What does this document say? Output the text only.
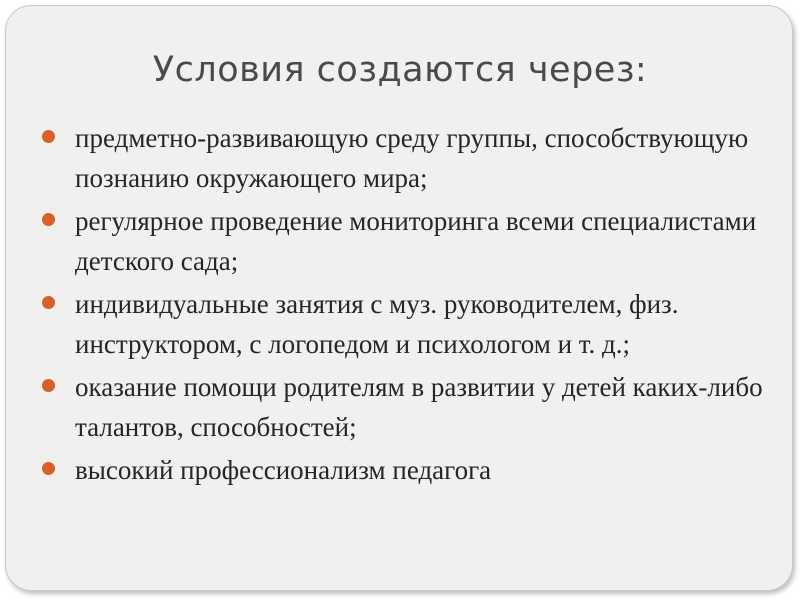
Условия создаются через:
предметно-развивающую среду группы, способствующую познанию окружающего мира;
регулярное проведение мониторинга всеми специалистами детского сада;
индивидуальные занятия с муз. руководителем, физ. инструктором, с логопедом и психологом и т. д.;
оказание помощи родителям в развитии у детей каких-либо талантов, способностей;
высокий профессионализм педагога
